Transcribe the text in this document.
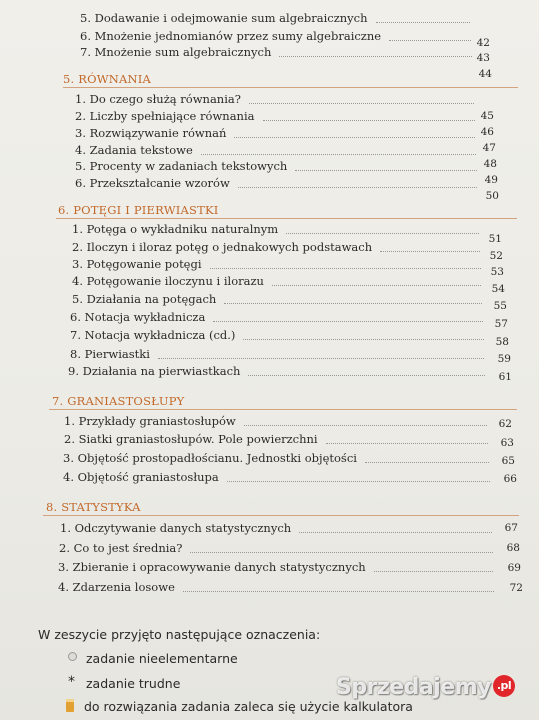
5. RÓWNANIA
6. POTĘGI I PIERWIASTKI
7. GRANIASTOSŁUPY
8. STATYSTYKA
5. Dodawanie i odejmowanie sum algebraicznych
6. Mnożenie jednomianów przez sumy algebraiczne
7. Mnożenie sum algebraicznych
1. Do czego służą równania?
2. Liczby spełniające równania
3. Rozwiązywanie równań
4. Zadania tekstowe
5. Procenty w zadaniach tekstowych
6. Przekształcanie wzorów
1. Potęga o wykładniku naturalnym
2. Iloczyn i iloraz potęg o jednakowych podstawach
3. Potęgowanie potęgi
4. Potęgowanie iloczynu i ilorazu
5. Działania na potęgach
6. Notacja wykładnicza
7. Notacja wykładnicza (cd.)
8. Pierwiastki
9. Działania na pierwiastkach
1. Przykłady graniastosłupów
2. Siatki graniastosłupów. Pole powierzchni
3. Objętość prostopadłościanu. Jednostki objętości
4. Objętość graniastosłupa
1. Odczytywanie danych statystycznych
2. Co to jest średnia?
3. Zbieranie i opracowywanie danych statystycznych
4. Zdarzenia losowe
42
43
44
45
46
47
48
49
50
51
52
53
54
55
57
58
59
61
62
63
65
66
67
68
69
72
W zeszycie przyjęto następujące oznaczenia:
zadanie nieelementarne
* zadanie trudne
do rozwiązania zadania zaleca się użycie kalkulatora
Sprzedajemy .pl
